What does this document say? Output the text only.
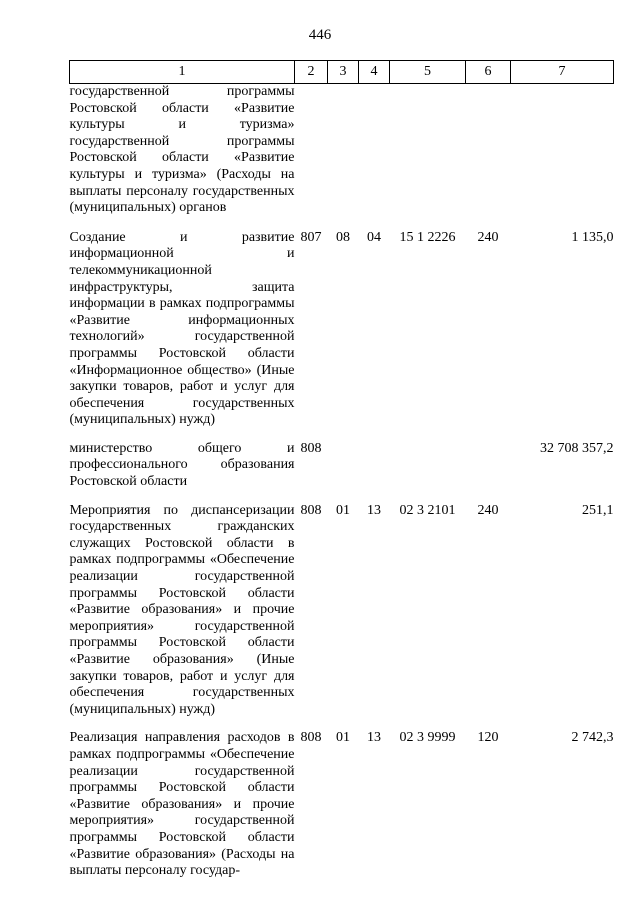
446
1	2	3	4	5	6	7
государственной программы Ростовской области «Развитие культуры и туризма» государственной программы Ростовской области «Развитие культуры и туризма» (Расходы на выплаты персоналу государственных (муниципальных) органов						
Создание и развитие информационной и телекоммуникационной инфраструктуры, защита информации в рамках подпрограммы «Развитие информационных технологий» государственной программы Ростовской области «Информационное общество» (Иные закупки товаров, работ и услуг для обеспечения государственных (муниципальных) нужд)	807	08	04	15 1 2226	240	1 135,0
министерство общего и профессионального образования Ростовской области	808					32 708 357,2
Мероприятия по диспансеризации государственных гражданских служащих Ростовской области в рамках подпрограммы «Обеспечение реализации государственной программы Ростовской области «Развитие образования» и прочие мероприятия» государственной программы Ростовской области «Развитие образования» (Иные закупки товаров, работ и услуг для обеспечения государственных (муниципальных) нужд)	808	01	13	02 3 2101	240	251,1
Реализация направления расходов в рамках подпрограммы «Обеспечение реализации государственной программы Ростовской области «Развитие образования» и прочие мероприятия» государственной программы Ростовской области «Развитие образования» (Расходы на выплаты персоналу государ-	808	01	13	02 3 9999	120	2 742,3
